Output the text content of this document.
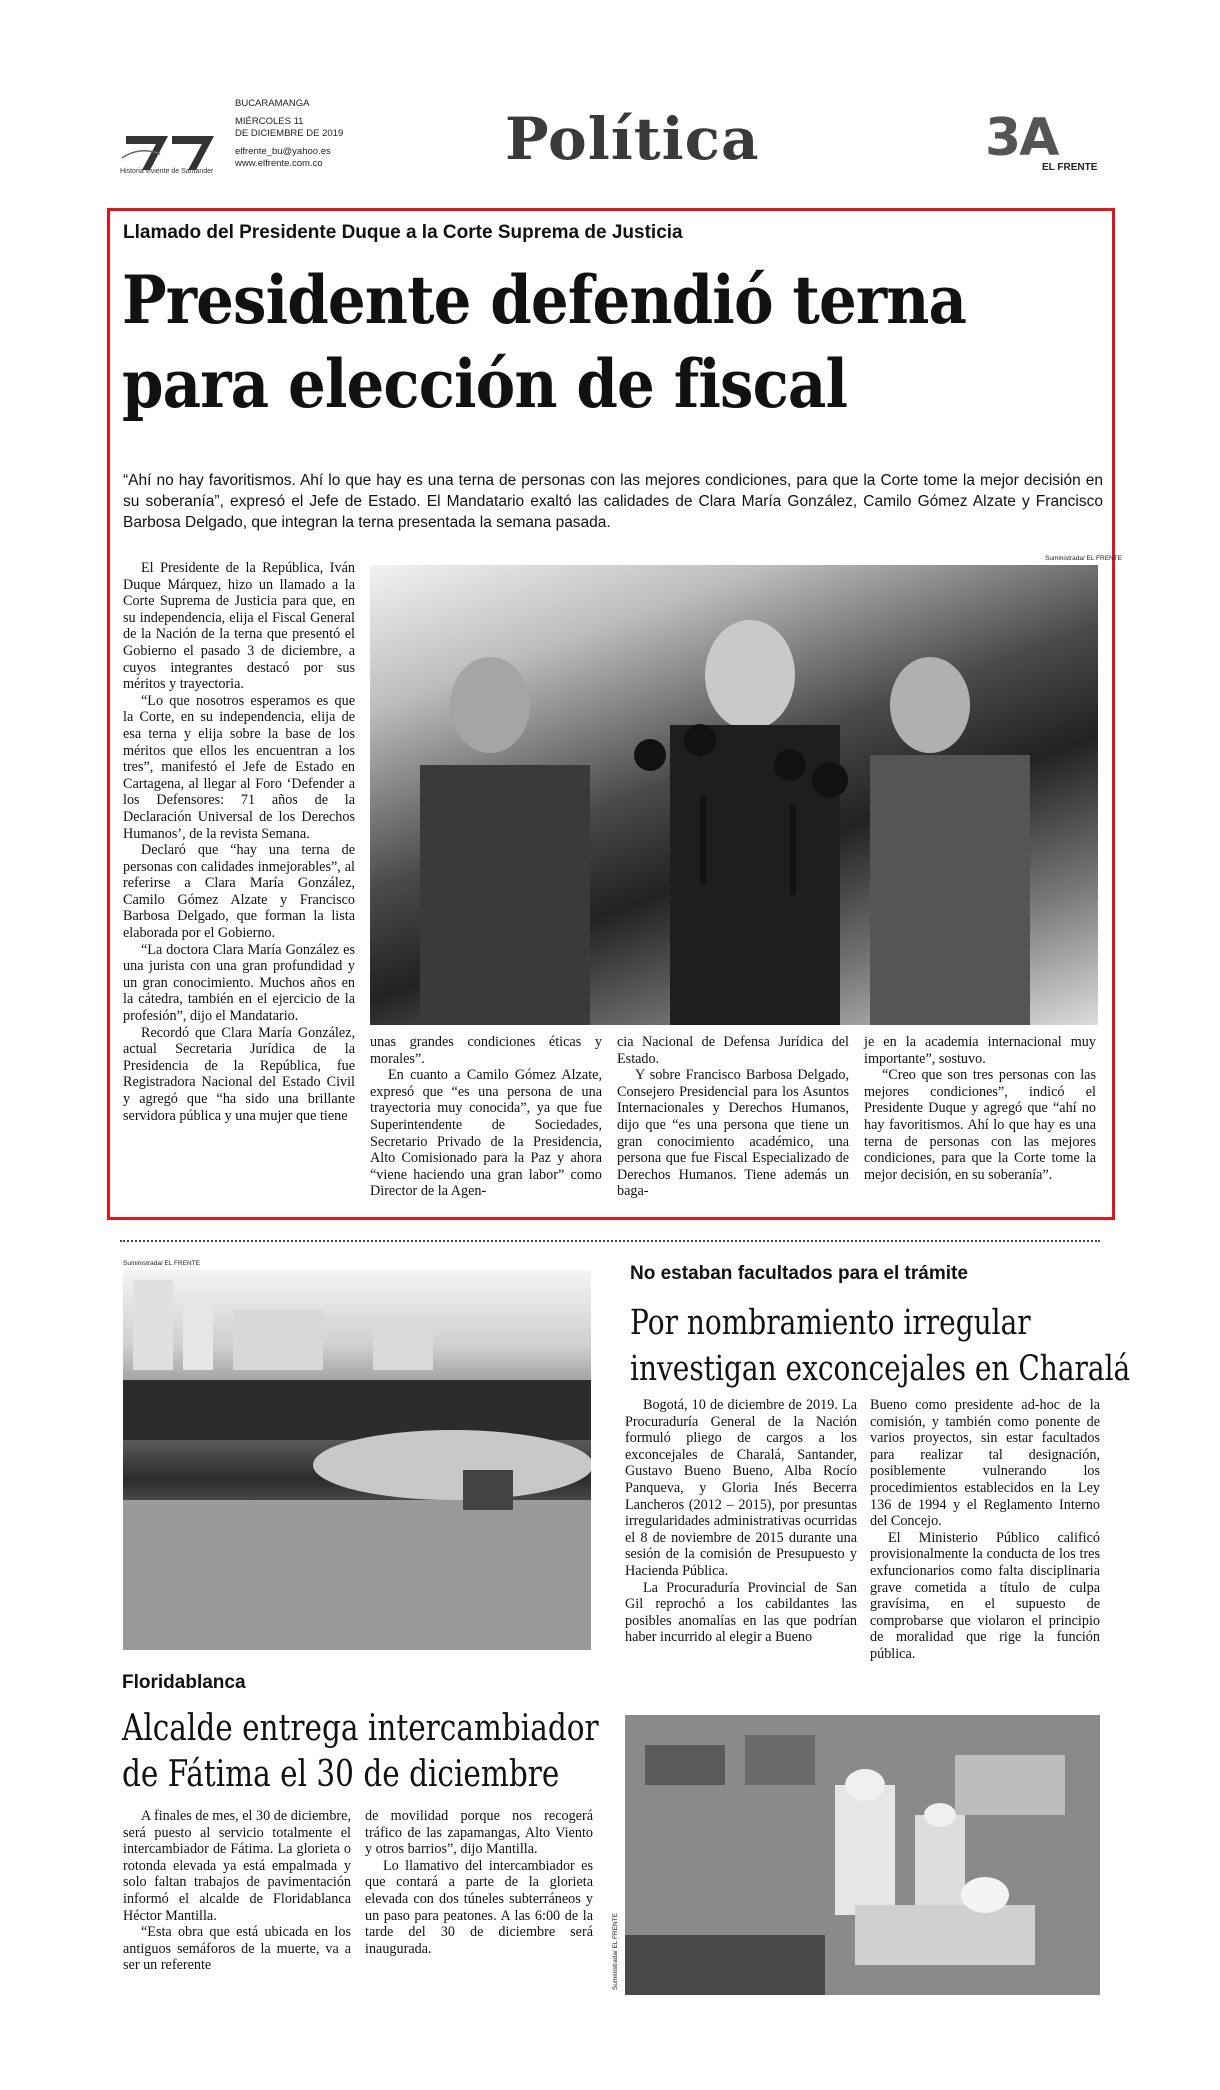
Historia viviente de Santander
BUCARAMANGA
MIÉRCOLES 11
DE DICIEMBRE DE 2019
elfrente_bu@yahoo.es
www.elfrente.com.co	Política	3A
EL FRENTE
Llamado del Presidente Duque a la Corte Suprema de Justicia
Presidente defendió terna
para elección de fiscal
“Ahí no hay favoritismos. Ahí lo que hay es una terna de personas con las mejores condiciones, para que la Corte tome la mejor decisión en su soberanía”, expresó el Jefe de Estado. El Mandatario exaltó las calidades de Clara María González, Camilo Gómez Alzate y Francisco Barbosa Delgado, que integran la terna presentada la semana pasada.
Suministrada/ EL FRENTE

El Presidente de la República, Iván Duque Márquez, hizo un llamado a la Corte Suprema de Justicia para que, en su independencia, elija el Fiscal General de la Nación de la terna que presentó el Gobierno el pasado 3 de diciembre, a cuyos integrantes destacó por sus méritos y trayectoria.

“Lo que nosotros esperamos es que la Corte, en su independencia, elija de esa terna y elija sobre la base de los méritos que ellos les encuentran a los tres”, manifestó el Jefe de Estado en Cartagena, al llegar al Foro ‘Defender a los Defensores: 71 años de la Declaración Universal de los Derechos Humanos’, de la revista Semana.

Declaró que “hay una terna de personas con calidades inmejorables”, al referirse a Clara María González, Camilo Gómez Alzate y Francisco Barbosa Delgado, que forman la lista elaborada por el Gobierno.

“La doctora Clara María González es una jurista con una gran profundidad y un gran conocimiento. Muchos años en la cátedra, también en el ejercicio de la profesión”, dijo el Mandatario.

Recordó que Clara María González, actual Secretaria Jurídica de la Presidencia de la República, fue Registradora Nacional del Estado Civil y agregó que “ha sido una brillante servidora pública y una mujer que tiene

unas grandes condiciones éticas y morales”.

En cuanto a Camilo Gómez Alzate, expresó que “es una persona de una trayectoria muy conocida”, ya que fue Superintendente de Sociedades, Secretario Privado de la Presidencia, Alto Comisionado para la Paz y ahora “viene haciendo una gran labor” como Director de la Agen-

cia Nacional de Defensa Jurídica del Estado.

Y sobre Francisco Barbosa Delgado, Consejero Presidencial para los Asuntos Internacionales y Derechos Humanos, dijo que “es una persona que tiene un gran conocimiento académico, una persona que fue Fiscal Especializado de Derechos Humanos. Tiene además un baga-

je en la academia internacional muy importante”, sostuvo.

“Creo que son tres personas con las mejores condiciones”, indicó el Presidente Duque y agregó que “ahí no hay favoritismos. Ahí lo que hay es una terna de personas con las mejores condiciones, para que la Corte tome la mejor decisión, en su soberanía”.

Suministrada/ EL FRENTE
Floridablanca
Alcalde entrega intercambiador
de Fátima el 30 de diciembre

A finales de mes, el 30 de diciembre, será puesto al servicio totalmente el intercambiador de Fátima. La glorieta o rotonda elevada ya está empalmada y solo faltan trabajos de pavimentación informó el alcalde de Floridablanca Héctor Mantilla.

“Esta obra que está ubicada en los antiguos semáforos de la muerte, va a ser un referente

de movilidad porque nos recogerá tráfico de las zapamangas, Alto Viento y otros barrios”, dijo Mantilla.

Lo llamativo del intercambiador es que contará a parte de la glorieta elevada con dos túneles subterráneos y un paso para peatones. A las 6:00 de la tarde del 30 de diciembre será inaugurada.

No estaban facultados para el trámite
Por nombramiento irregular
investigan exconcejales en Charalá

Bogotá, 10 de diciembre de 2019. La Procuraduría General de la Nación formuló pliego de cargos a los exconcejales de Charalá, Santander, Gustavo Bueno Bueno, Alba Rocío Panqueva, y Gloria Inés Becerra Lancheros (2012 – 2015), por presuntas irregularidades administrativas ocurridas el 8 de noviembre de 2015 durante una sesión de la comisión de Presupuesto y Hacienda Pública.

La Procuraduría Provincial de San Gil reprochó a los cabildantes las posibles anomalías en las que podrían haber incurrido al elegir a Bueno

Bueno como presidente ad-hoc de la comisión, y también como ponente de varios proyectos, sin estar facultados para realizar tal designación, posiblemente vulnerando los procedimientos establecidos en la Ley 136 de 1994 y el Reglamento Interno del Concejo.

El Ministerio Público calificó provisionalmente la conducta de los tres exfuncionarios como falta disciplinaria grave cometida a título de culpa gravísima, en el supuesto de comprobarse que violaron el principio de moralidad que rige la función pública.

Suministrada/ EL FRENTE
